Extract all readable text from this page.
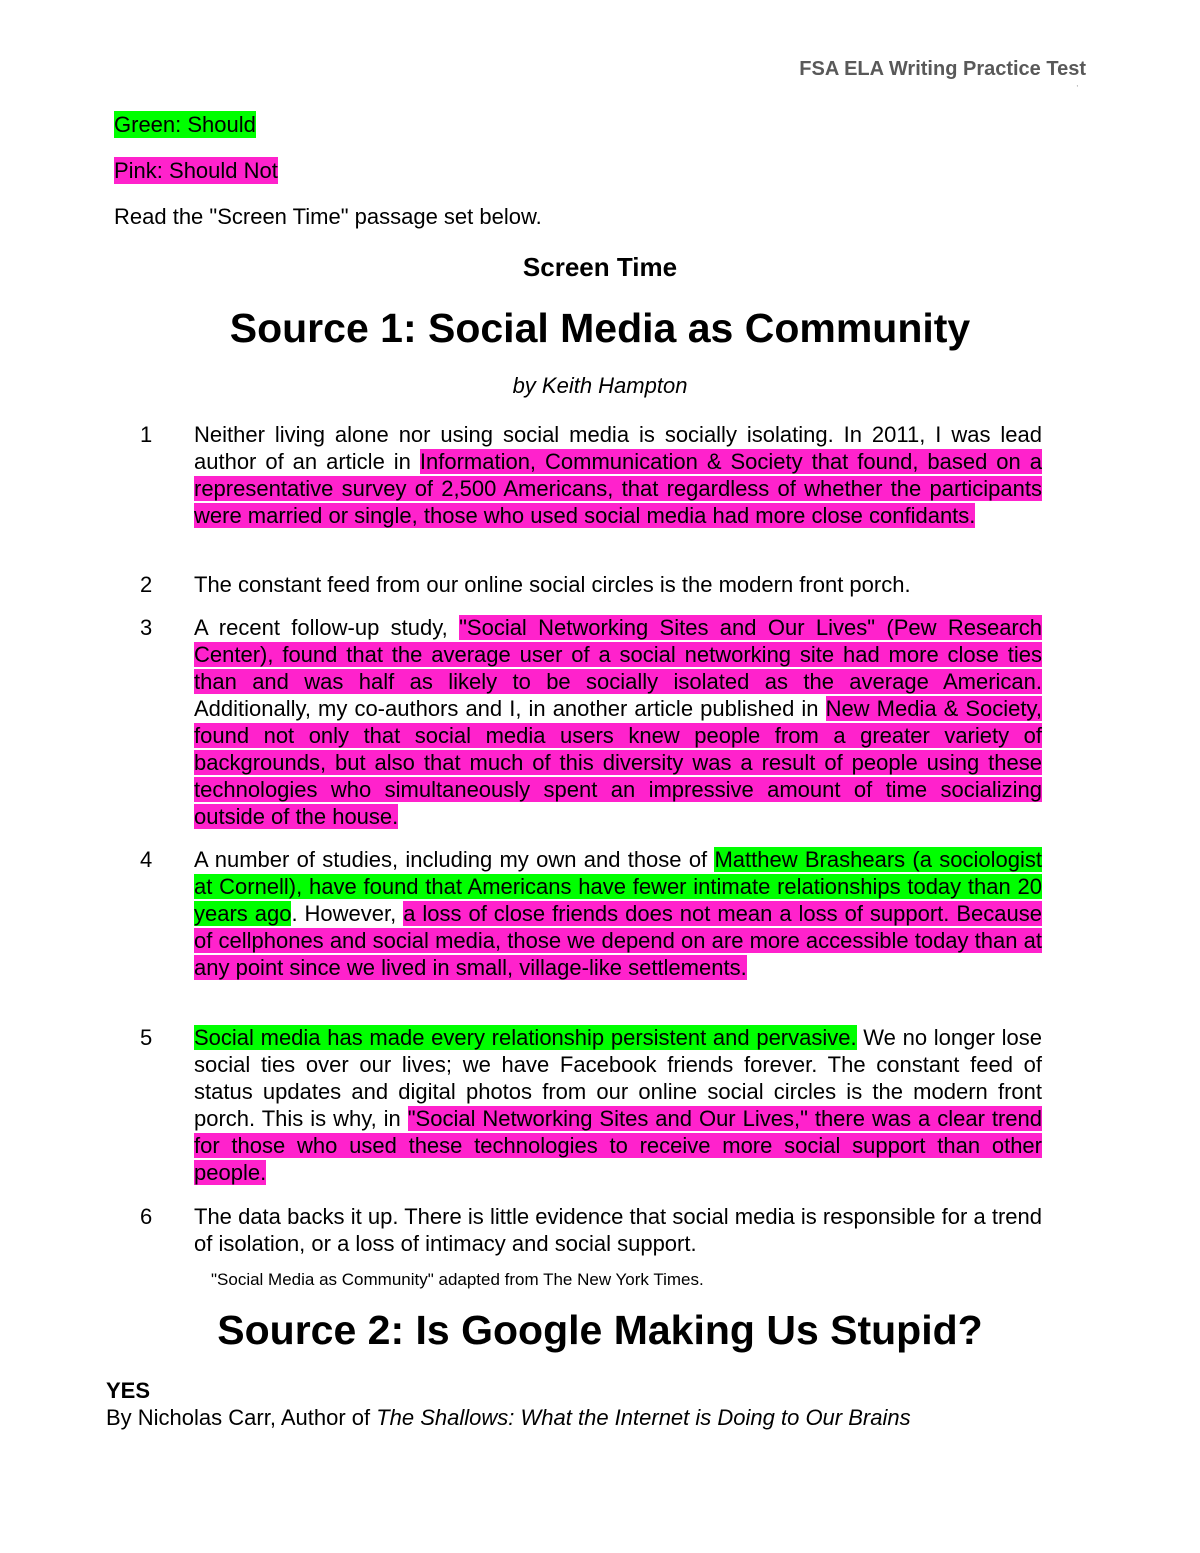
FSA ELA Writing Practice Test
'
Green: Should
Pink: Should Not
Read the "Screen Time" passage set below.
Screen Time
Source 1: Social Media as Community
by Keith Hampton
1	Neither living alone nor using social media is socially isolating. In 2011, I was lead author of an article in Information, Communication & Society that found, based on a representative survey of 2,500 Americans, that regardless of whether the participants were married or single, those who used social media had more close confidants.
2	The constant feed from our online social circles is the modern front porch.
3	A recent follow-up study, "Social Networking Sites and Our Lives" (Pew Research Center), found that the average user of a social networking site had more close ties than and was half as likely to be socially isolated as the average American. Additionally, my co-authors and I, in another article published in New Media & Society, found not only that social media users knew people from a greater variety of backgrounds, but also that much of this diversity was a result of people using these technologies who simultaneously spent an impressive amount of time socializing outside of the house.
4	A number of studies, including my own and those of Matthew Brashears (a sociologist at Cornell), have found that Americans have fewer intimate relationships today than 20 years ago. However, a loss of close friends does not mean a loss of support. Because of cellphones and social media, those we depend on are more accessible today than at any point since we lived in small, village-like settlements.
5	Social media has made every relationship persistent and pervasive. We no longer lose social ties over our lives; we have Facebook friends forever. The constant feed of status updates and digital photos from our online social circles is the modern front porch. This is why, in "Social Networking Sites and Our Lives," there was a clear trend for those who used these technologies to receive more social support than other people.
6	The data backs it up. There is little evidence that social media is responsible for a trend of isolation, or a loss of intimacy and social support.
"Social Media as Community" adapted from The New York Times.
Source 2: Is Google Making Us Stupid?
YES
By Nicholas Carr, Author of The Shallows: What the Internet is Doing to Our Brains
